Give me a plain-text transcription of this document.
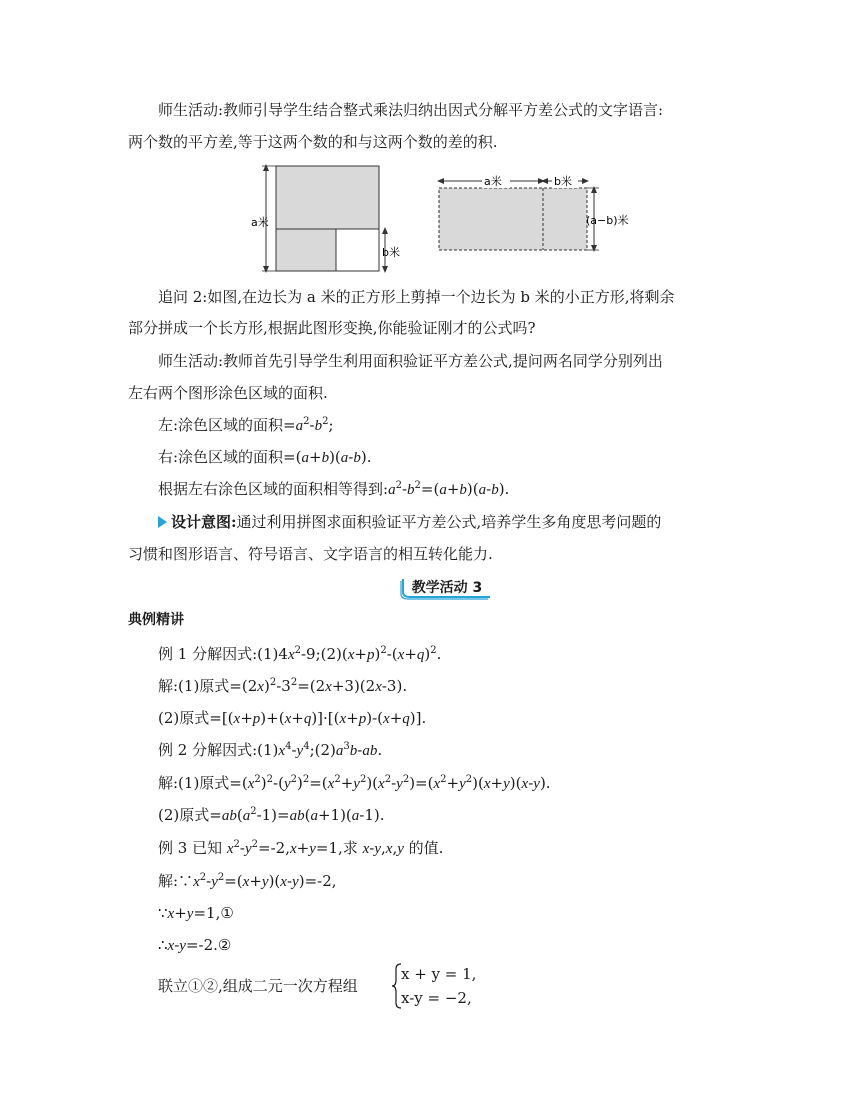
师生活动:教师引导学生结合整式乘法归纳出因式分解平方差公式的文字语言:
两个数的平方差,等于这两个数的和与这两个数的差的积.
a米
b米
a米	b米
(a−b)米
追问 2:如图,在边长为 a 米的正方形上剪掉一个边长为 b 米的小正方形,将剩余
部分拼成一个长方形,根据此图形变换,你能验证刚才的公式吗?
师生活动:教师首先引导学生利用面积验证平方差公式,提问两名同学分别列出
左右两个图形涂色区域的面积.
左:涂色区域的面积$=a^2-b^2$;
右:涂色区域的面积=(a+b)(a-b).
根据左右涂色区域的面积相等得到$:a^2-b^2=(a+b)(a-b)$.
设计意图:通过利用拼图求面积验证平方差公式,培养学生多角度思考问题的
习惯和图形语言、符号语言、文字语言的相互转化能力.
教学活动 3
典例精讲
例 1 分解因式$:(1)4x^2-9;(2)(x+p)^2-(x+q)^2$.
解:(1)原式$=(2x)^2-3^2=(2x+3)(2x-3)$.
(2)原式=[(x+p)+(x+q)]·[(x+p)-(x+q)].
例 2 分解因式$:(1)x^4-y^4;(2)a^3b-ab$.
解:(1)原式$=(x^2)^2-(y^2)^2=(x^2+y^2)(x^2-y^2)=(x^2+y^2)(x+y)(x-y)$.
(2)原式$=ab(a^2-1)=ab(a+1)(a-1)$.
例 3 已知 $x^2-y^2=-2,x+y=1$,求 x-y,x,y 的值.
解$:\because x^2-y^2=(x+y)(x-y)=-2$,
∵x+y=1,①
∴x-y=-2.②
联立①②,组成二元一次方程组
x + y = 1,
x-y = −2,
